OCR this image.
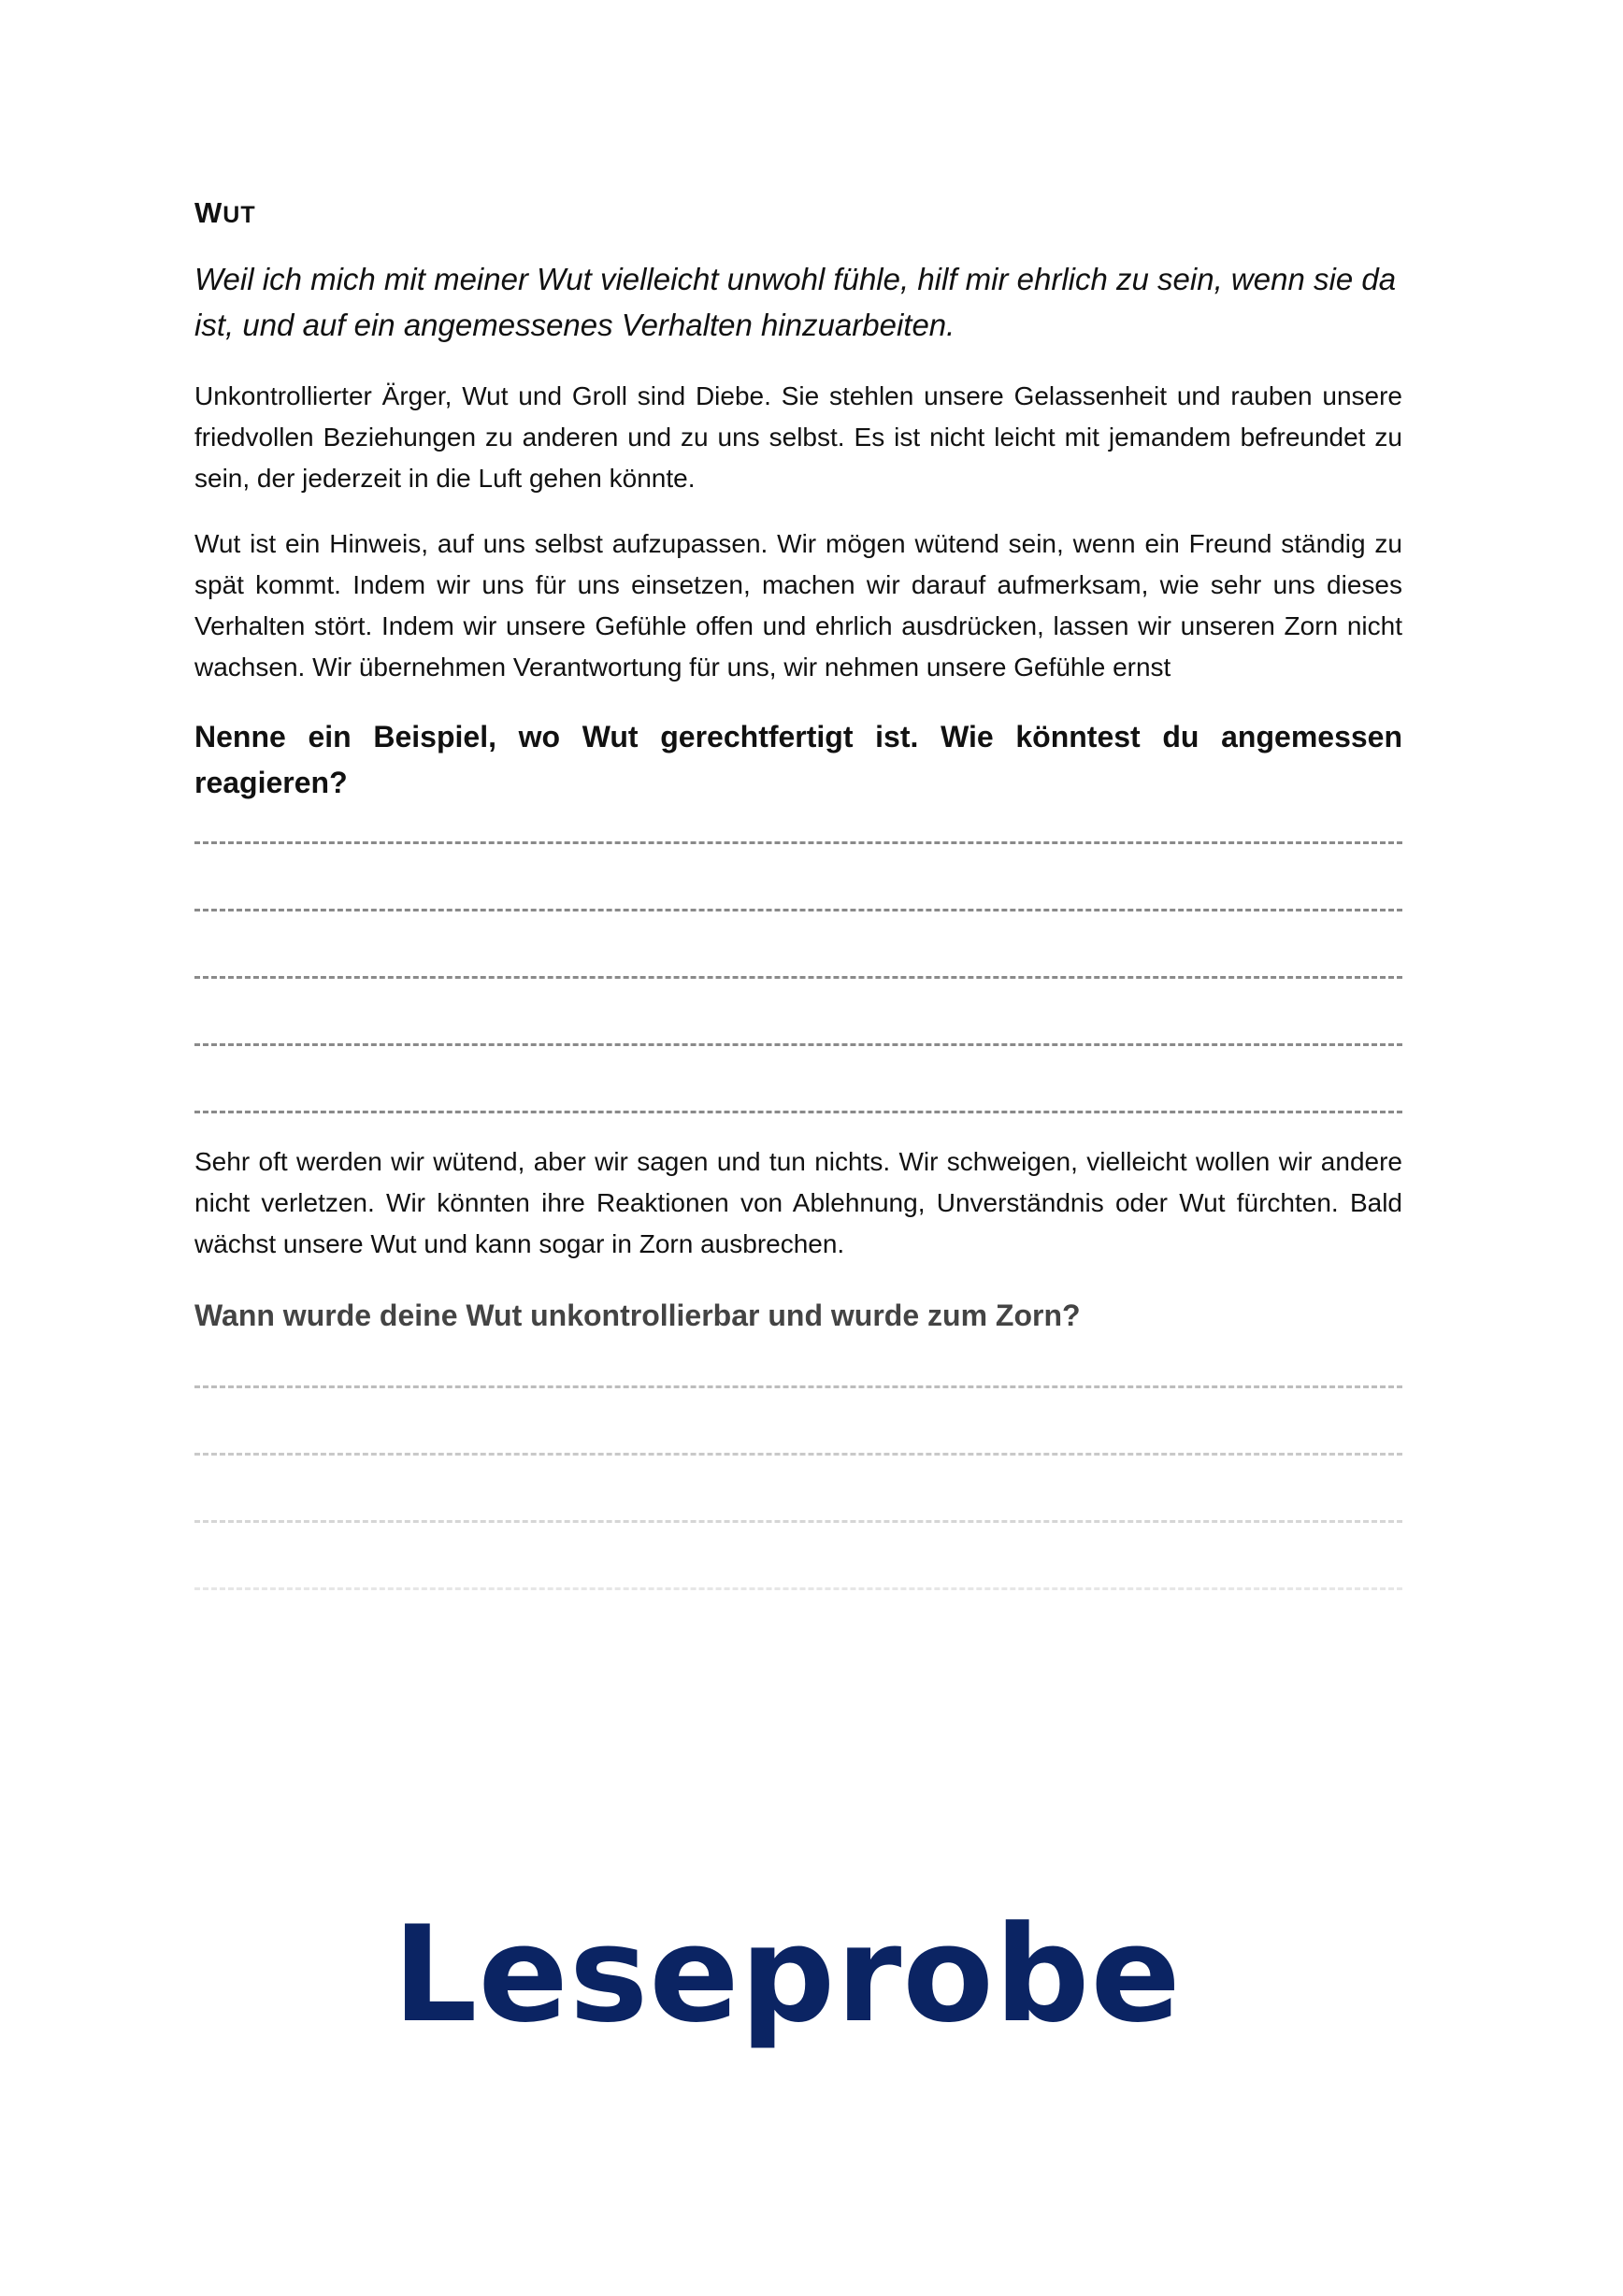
WUT

Weil ich mich mit meiner Wut vielleicht unwohl fühle, hilf mir ehrlich zu sein, wenn sie da ist, und auf ein angemessenes Verhalten hinzuarbeiten.

Unkontrollierter Ärger, Wut und Groll sind Diebe. Sie stehlen unsere Gelassenheit und rauben unsere friedvollen Beziehungen zu anderen und zu uns selbst. Es ist nicht leicht mit jemandem befreundet zu sein, der jederzeit in die Luft gehen könnte.

Wut ist ein Hinweis, auf uns selbst aufzupassen. Wir mögen wütend sein, wenn ein Freund ständig zu spät kommt. Indem wir uns für uns einsetzen, machen wir darauf aufmerksam, wie sehr uns dieses Verhalten stört. Indem wir unsere Gefühle offen und ehrlich ausdrücken, lassen wir unseren Zorn nicht wachsen. Wir übernehmen Verantwortung für uns, wir nehmen unsere Gefühle ernst

Nenne ein Beispiel, wo Wut gerechtfertigt ist. Wie könntest du angemessen reagieren?

Sehr oft werden wir wütend, aber wir sagen und tun nichts. Wir schweigen, vielleicht wollen wir andere nicht verletzen. Wir könnten ihre Reaktionen von Ablehnung, Unverständnis oder Wut fürchten. Bald wächst unsere Wut und kann sogar in Zorn ausbrechen.

Wann wurde deine Wut unkontrollierbar und wurde zum Zorn?

Leseprobe
